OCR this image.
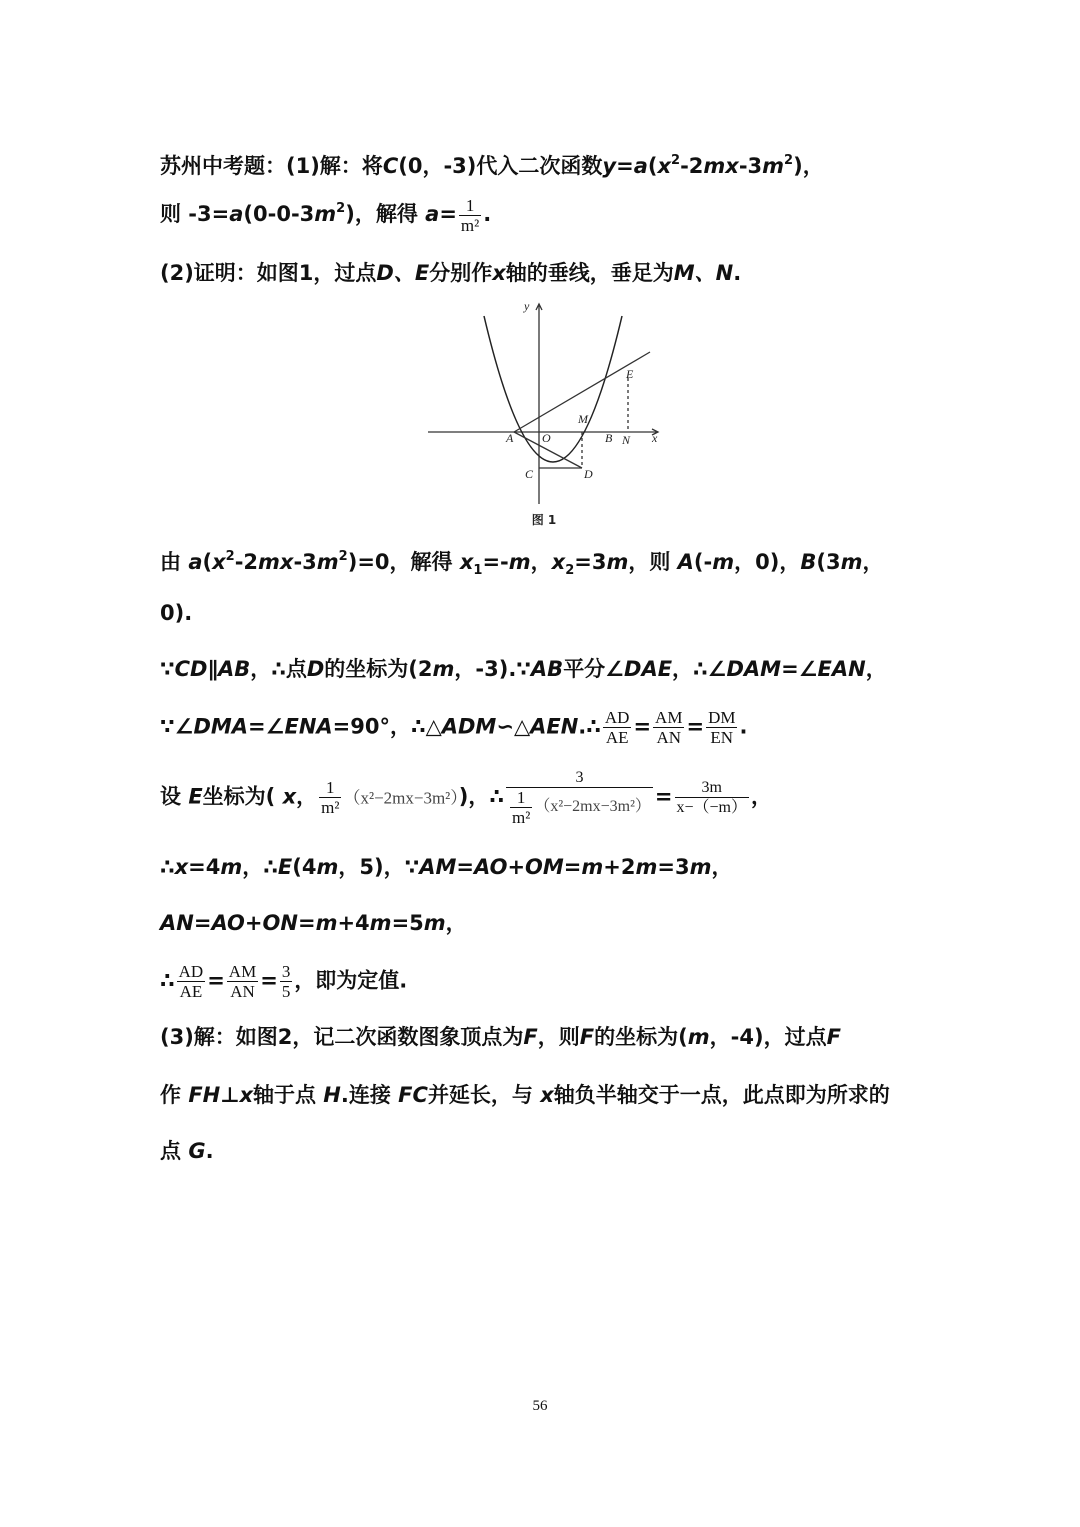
苏州中考题：(1)解：将C(0，-3)代入二次函数$y=a(x^2-2mx-3m^2)$，
则 $-3=a(0-0-3m^2)$，解得 $a= \frac{1}{\text{m²}}$ .
(2)证明：如图1，过点D、E分别作x轴的垂线，垂足为M、N.
y
x
A O
M
B N
E
C	D
图 1
由 $a(x^2-2mx-3m^2)=0$，解得 $x_1=-m$，$x_2=3m$，则 A(-m，0)，B(3m，
0).
∵CD∥AB，∴点D的坐标为(2m，-3).∵AB平分∠DAE，∴∠DAM=∠EAN，
∵∠DMA=∠ENA=90°，∴△ADM∽△AEN.∴ $\frac{AD}{AE} = \frac{AM}{AN} = \frac{DM}{EN}$ .
设 E坐标为( x， $\frac{1}{\text{m²}} (x^2-2mx-3m^2)$)，∴ $\frac{3}{\frac{1}{\text{m²}} (x^2-2mx-3m^2)} = \frac{3m}{x-(-m)}$ ，
∴x=4m，∴E(4m，5)，∵AM=AO+OM=m+2m=3m，
AN=AO+ON=m+4m=5m，
∴ $\frac{AD}{AE} = \frac{AM}{AN} = \frac{3}{5}$ ，即为定值.
(3)解：如图2，记二次函数图象顶点为F，则F的坐标为(m，-4)，过点F
作 FH⊥x轴于点 H.连接 FC并延长，与 x轴负半轴交于一点，此点即为所求的
点 G.
56
